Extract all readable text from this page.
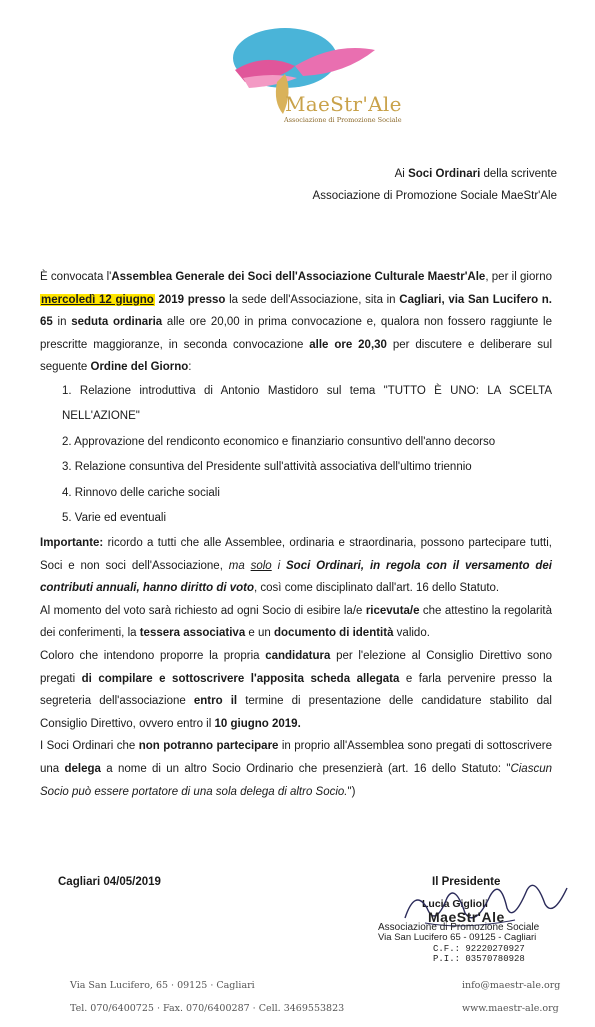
MaeStr'Ale
Associazione di Promozione Sociale
Ai Soci Ordinari della scrivente
Associazione di Promozione Sociale MaeStr'Ale

È convocata l'Assemblea Generale dei Soci dell'Associazione Culturale Maestr'Ale, per il giorno mercoledì 12 giugno 2019 presso la sede dell'Associazione, sita in Cagliari, via San Lucifero n. 65 in seduta ordinaria alle ore 20,00 in prima convocazione e, qualora non fossero raggiunte le prescritte maggioranze, in seconda convocazione alle ore 20,30 per discutere e deliberare sul seguente Ordine del Giorno:

1. Relazione introduttiva di Antonio Mastidoro sul tema "TUTTO È UNO: LA SCELTA NELL'AZIONE"
2. Approvazione del rendiconto economico e finanziario consuntivo dell'anno decorso
3. Relazione consuntiva del Presidente sull'attività associativa dell'ultimo triennio
4. Rinnovo delle cariche sociali
5. Varie ed eventuali

Importante: ricordo a tutti che alle Assemblee, ordinaria e straordinaria, possono partecipare tutti, Soci e non soci dell'Associazione, ma solo i Soci Ordinari, in regola con il versamento dei contributi annuali, hanno diritto di voto, così come disciplinato dall'art. 16 dello Statuto.

Al momento del voto sarà richiesto ad ogni Socio di esibire la/e ricevuta/e che attestino la regolarità dei conferimenti, la tessera associativa e un documento di identità valido.

Coloro che intendono proporre la propria candidatura per l'elezione al Consiglio Direttivo sono pregati di compilare e sottoscrivere l'apposita scheda allegata e farla pervenire presso la segreteria dell'associazione entro il termine di presentazione delle candidature stabilito dal Consiglio Direttivo, ovvero entro il 10 giugno 2019.

I Soci Ordinari che non potranno partecipare in proprio all'Assemblea sono pregati di sottoscrivere una delega a nome di un altro Socio Ordinario che presenzierà (art. 16 dello Statuto: "Ciascun Socio può essere portatore di una sola delega di altro Socio.")

Cagliari 04/05/2019	Il Presidente
Lucia Giglioli
MaeStr'Ale
Associazione di Promozione Sociale
Via San Lucifero 65 - 09125 - Cagliari
C.F.: 92220270927
P.I.: 03570780928
Via San Lucifero, 65 · 09125 · Cagliari
Tel. 070/6400725 · Fax. 070/6400287 · Cell. 3469553823
info@maestr-ale.org
www.maestr-ale.org
